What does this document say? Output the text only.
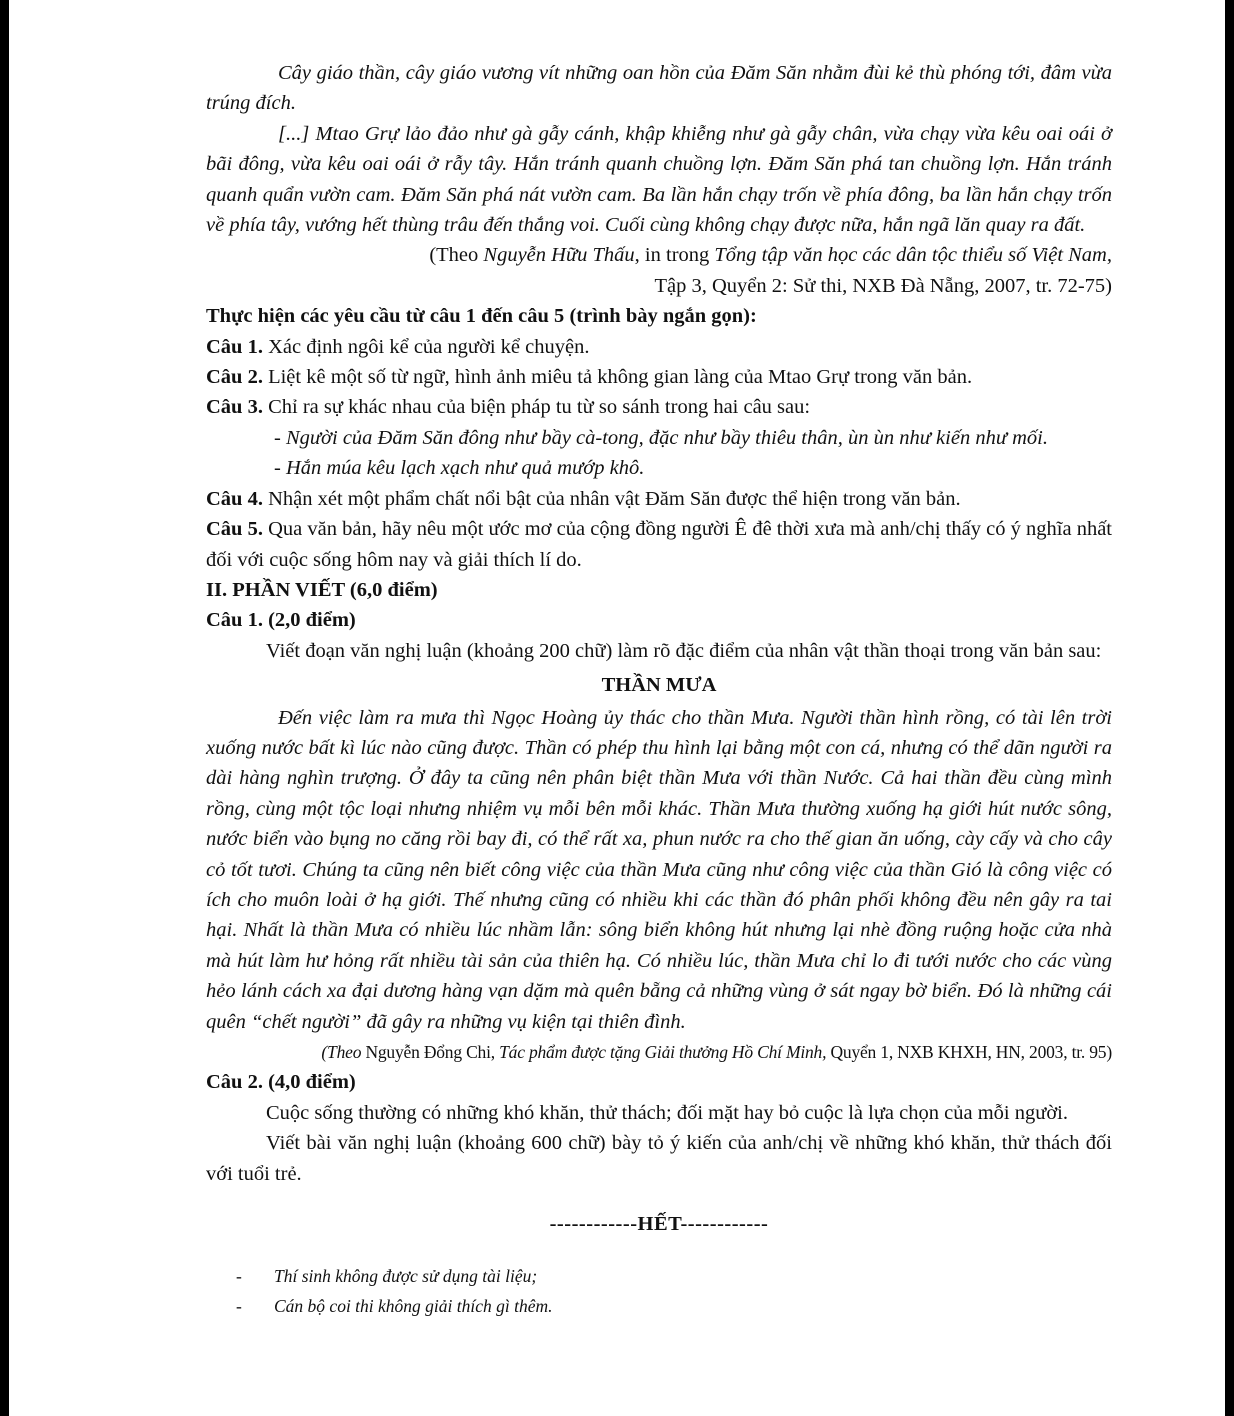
Cây giáo thần, cây giáo vương vít những oan hồn của Đăm Săn nhằm đùi kẻ thù phóng tới, đâm vừa trúng đích.

[...] Mtao Grự lảo đảo như gà gẫy cánh, khập khiễng như gà gẫy chân, vừa chạy vừa kêu oai oái ở bãi đông, vừa kêu oai oái ở rẫy tây. Hắn tránh quanh chuồng lợn. Đăm Săn phá tan chuồng lợn. Hắn tránh quanh quẩn vườn cam. Đăm Săn phá nát vườn cam. Ba lần hắn chạy trốn về phía đông, ba lần hắn chạy trốn về phía tây, vướng hết thùng trâu đến thắng voi. Cuối cùng không chạy được nữa, hắn ngã lăn quay ra đất.

(Theo Nguyễn Hữu Thấu, in trong Tổng tập văn học các dân tộc thiểu số Việt Nam,

Tập 3, Quyển 2: Sử thi, NXB Đà Nẵng, 2007, tr. 72-75)

Thực hiện các yêu cầu từ câu 1 đến câu 5 (trình bày ngắn gọn):

Câu 1. Xác định ngôi kể của người kể chuyện.

Câu 2. Liệt kê một số từ ngữ, hình ảnh miêu tả không gian làng của Mtao Grự trong văn bản.

Câu 3. Chỉ ra sự khác nhau của biện pháp tu từ so sánh trong hai câu sau:

- Người của Đăm Săn đông như bầy cà-tong, đặc như bầy thiêu thân, ùn ùn như kiến như mối.

- Hắn múa kêu lạch xạch như quả mướp khô.

Câu 4. Nhận xét một phẩm chất nổi bật của nhân vật Đăm Săn được thể hiện trong văn bản.

Câu 5. Qua văn bản, hãy nêu một ước mơ của cộng đồng người Ê đê thời xưa mà anh/chị thấy có ý nghĩa nhất đối với cuộc sống hôm nay và giải thích lí do.

II. PHẦN VIẾT (6,0 điểm)

Câu 1. (2,0 điểm)

Viết đoạn văn nghị luận (khoảng 200 chữ) làm rõ đặc điểm của nhân vật thần thoại trong văn bản sau:

THẦN MƯA

Đến việc làm ra mưa thì Ngọc Hoàng ủy thác cho thần Mưa. Người thần hình rồng, có tài lên trời xuống nước bất kì lúc nào cũng được. Thần có phép thu hình lại bằng một con cá, nhưng có thể dãn người ra dài hàng nghìn trượng. Ở đây ta cũng nên phân biệt thần Mưa với thần Nước. Cả hai thần đều cùng mình rồng, cùng một tộc loại nhưng nhiệm vụ mỗi bên mỗi khác. Thần Mưa thường xuống hạ giới hút nước sông, nước biển vào bụng no căng rồi bay đi, có thể rất xa, phun nước ra cho thế gian ăn uống, cày cấy và cho cây cỏ tốt tươi. Chúng ta cũng nên biết công việc của thần Mưa cũng như công việc của thần Gió là công việc có ích cho muôn loài ở hạ giới. Thế nhưng cũng có nhiều khi các thần đó phân phối không đều nên gây ra tai hại. Nhất là thần Mưa có nhiều lúc nhầm lẫn: sông biển không hút nhưng lại nhè đồng ruộng hoặc cửa nhà mà hút làm hư hỏng rất nhiều tài sản của thiên hạ. Có nhiều lúc, thần Mưa chỉ lo đi tưới nước cho các vùng hẻo lánh cách xa đại dương hàng vạn dặm mà quên bẵng cả những vùng ở sát ngay bờ biển. Đó là những cái quên “chết người” đã gây ra những vụ kiện tại thiên đình.

(Theo Nguyễn Đổng Chi, Tác phẩm được tặng Giải thưởng Hồ Chí Minh, Quyển 1, NXB KHXH, HN, 2003, tr. 95)

Câu 2. (4,0 điểm)

Cuộc sống thường có những khó khăn, thử thách; đối mặt hay bỏ cuộc là lựa chọn của mỗi người.

Viết bài văn nghị luận (khoảng 600 chữ) bày tỏ ý kiến của anh/chị về những khó khăn, thử thách đối với tuổi trẻ.

------------HẾT------------

- Thí sinh không được sử dụng tài liệu;
- Cán bộ coi thi không giải thích gì thêm.
